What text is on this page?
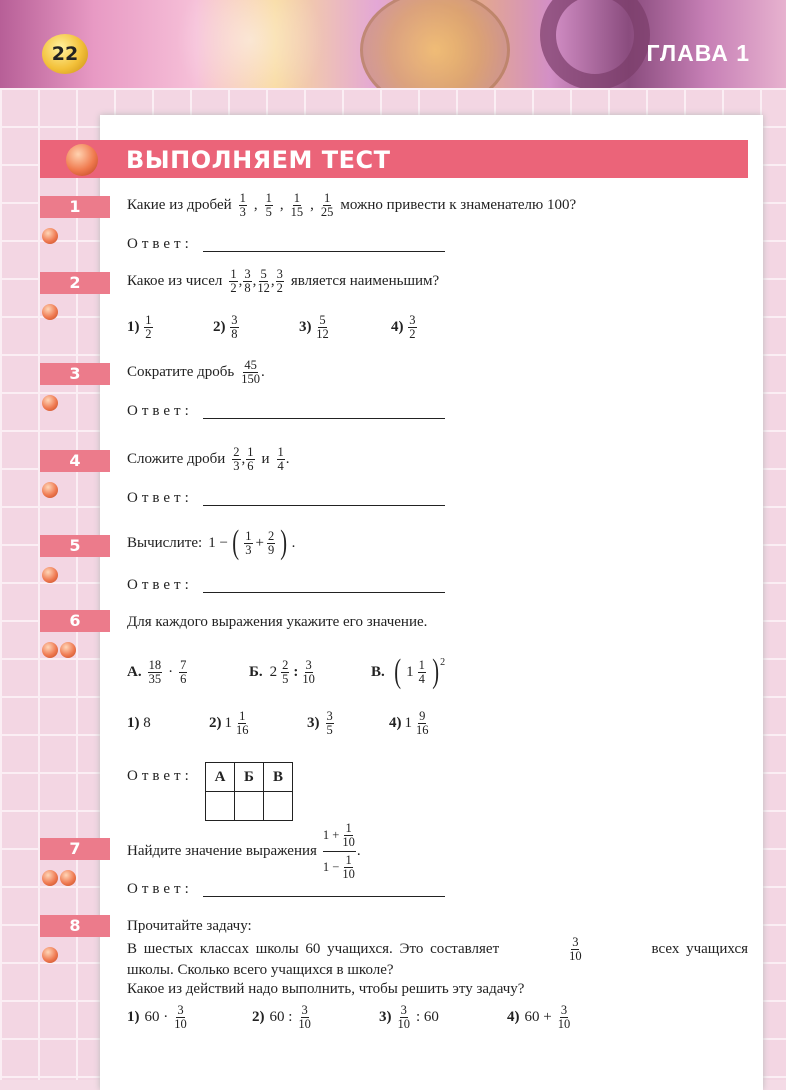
22	ГЛАВА 1
ВЫПОЛНЯЕМ ТЕСТ
1	Какие из дробей $\frac{1}{3}$ , $\frac{1}{5}$ , $\frac{1}{15}$ , $\frac{1}{25}$ можно привести к знаменателю 100?
Ответ:
2	Какое из чисел $\frac{1}{2}$ , $\frac{3}{8}$ , $\frac{5}{12}$ , $\frac{3}{2}$ является наименьшим?
$1) \frac{1}{2}$	$2) \frac{3}{8}$	$3) \frac{5}{12}$	$4) \frac{3}{2}$
3	Сократите дробь $\frac{45}{150}$ .
Ответ:
4	Сложите дроби $\frac{2}{3}$ , $\frac{1}{6}$ и $\frac{1}{4}$ .
Ответ:
5	Вычислите: 1 − ( $\frac{1}{3} + \frac{2}{9}$ ) .
Ответ:
6	Для каждого выражения укажите его значение.
А. $\frac{18}{35} \cdot \frac{7}{6}$	Б. $2 \frac{2}{5}$ : $\frac{3}{10}$	В. ( $1 \frac{1}{4} )^2$
1) 8	2) $1 \frac{1}{16}$	$3) \frac{3}{5}$	4) $1 \frac{9}{16}$
Ответ: А	Б	В

7	Найдите значение выражения
$1 + \frac{1}{10}$
$1 - \frac{1}{10}$
.
Ответ:
8	Прочитайте задачу:
В шестых классах школы 60 учащихся. Это составляет	$\frac{3}{10}$	всех учащихся
школы. Сколько всего учащихся в школе?
Какое из действий надо выполнить, чтобы решить эту задачу?
1) $60 \cdot \frac{3}{10}$	2) 60 : $\frac{3}{10}$	$3) \frac{3}{10}$ : 60	4) $60 + \frac{3}{10}$
